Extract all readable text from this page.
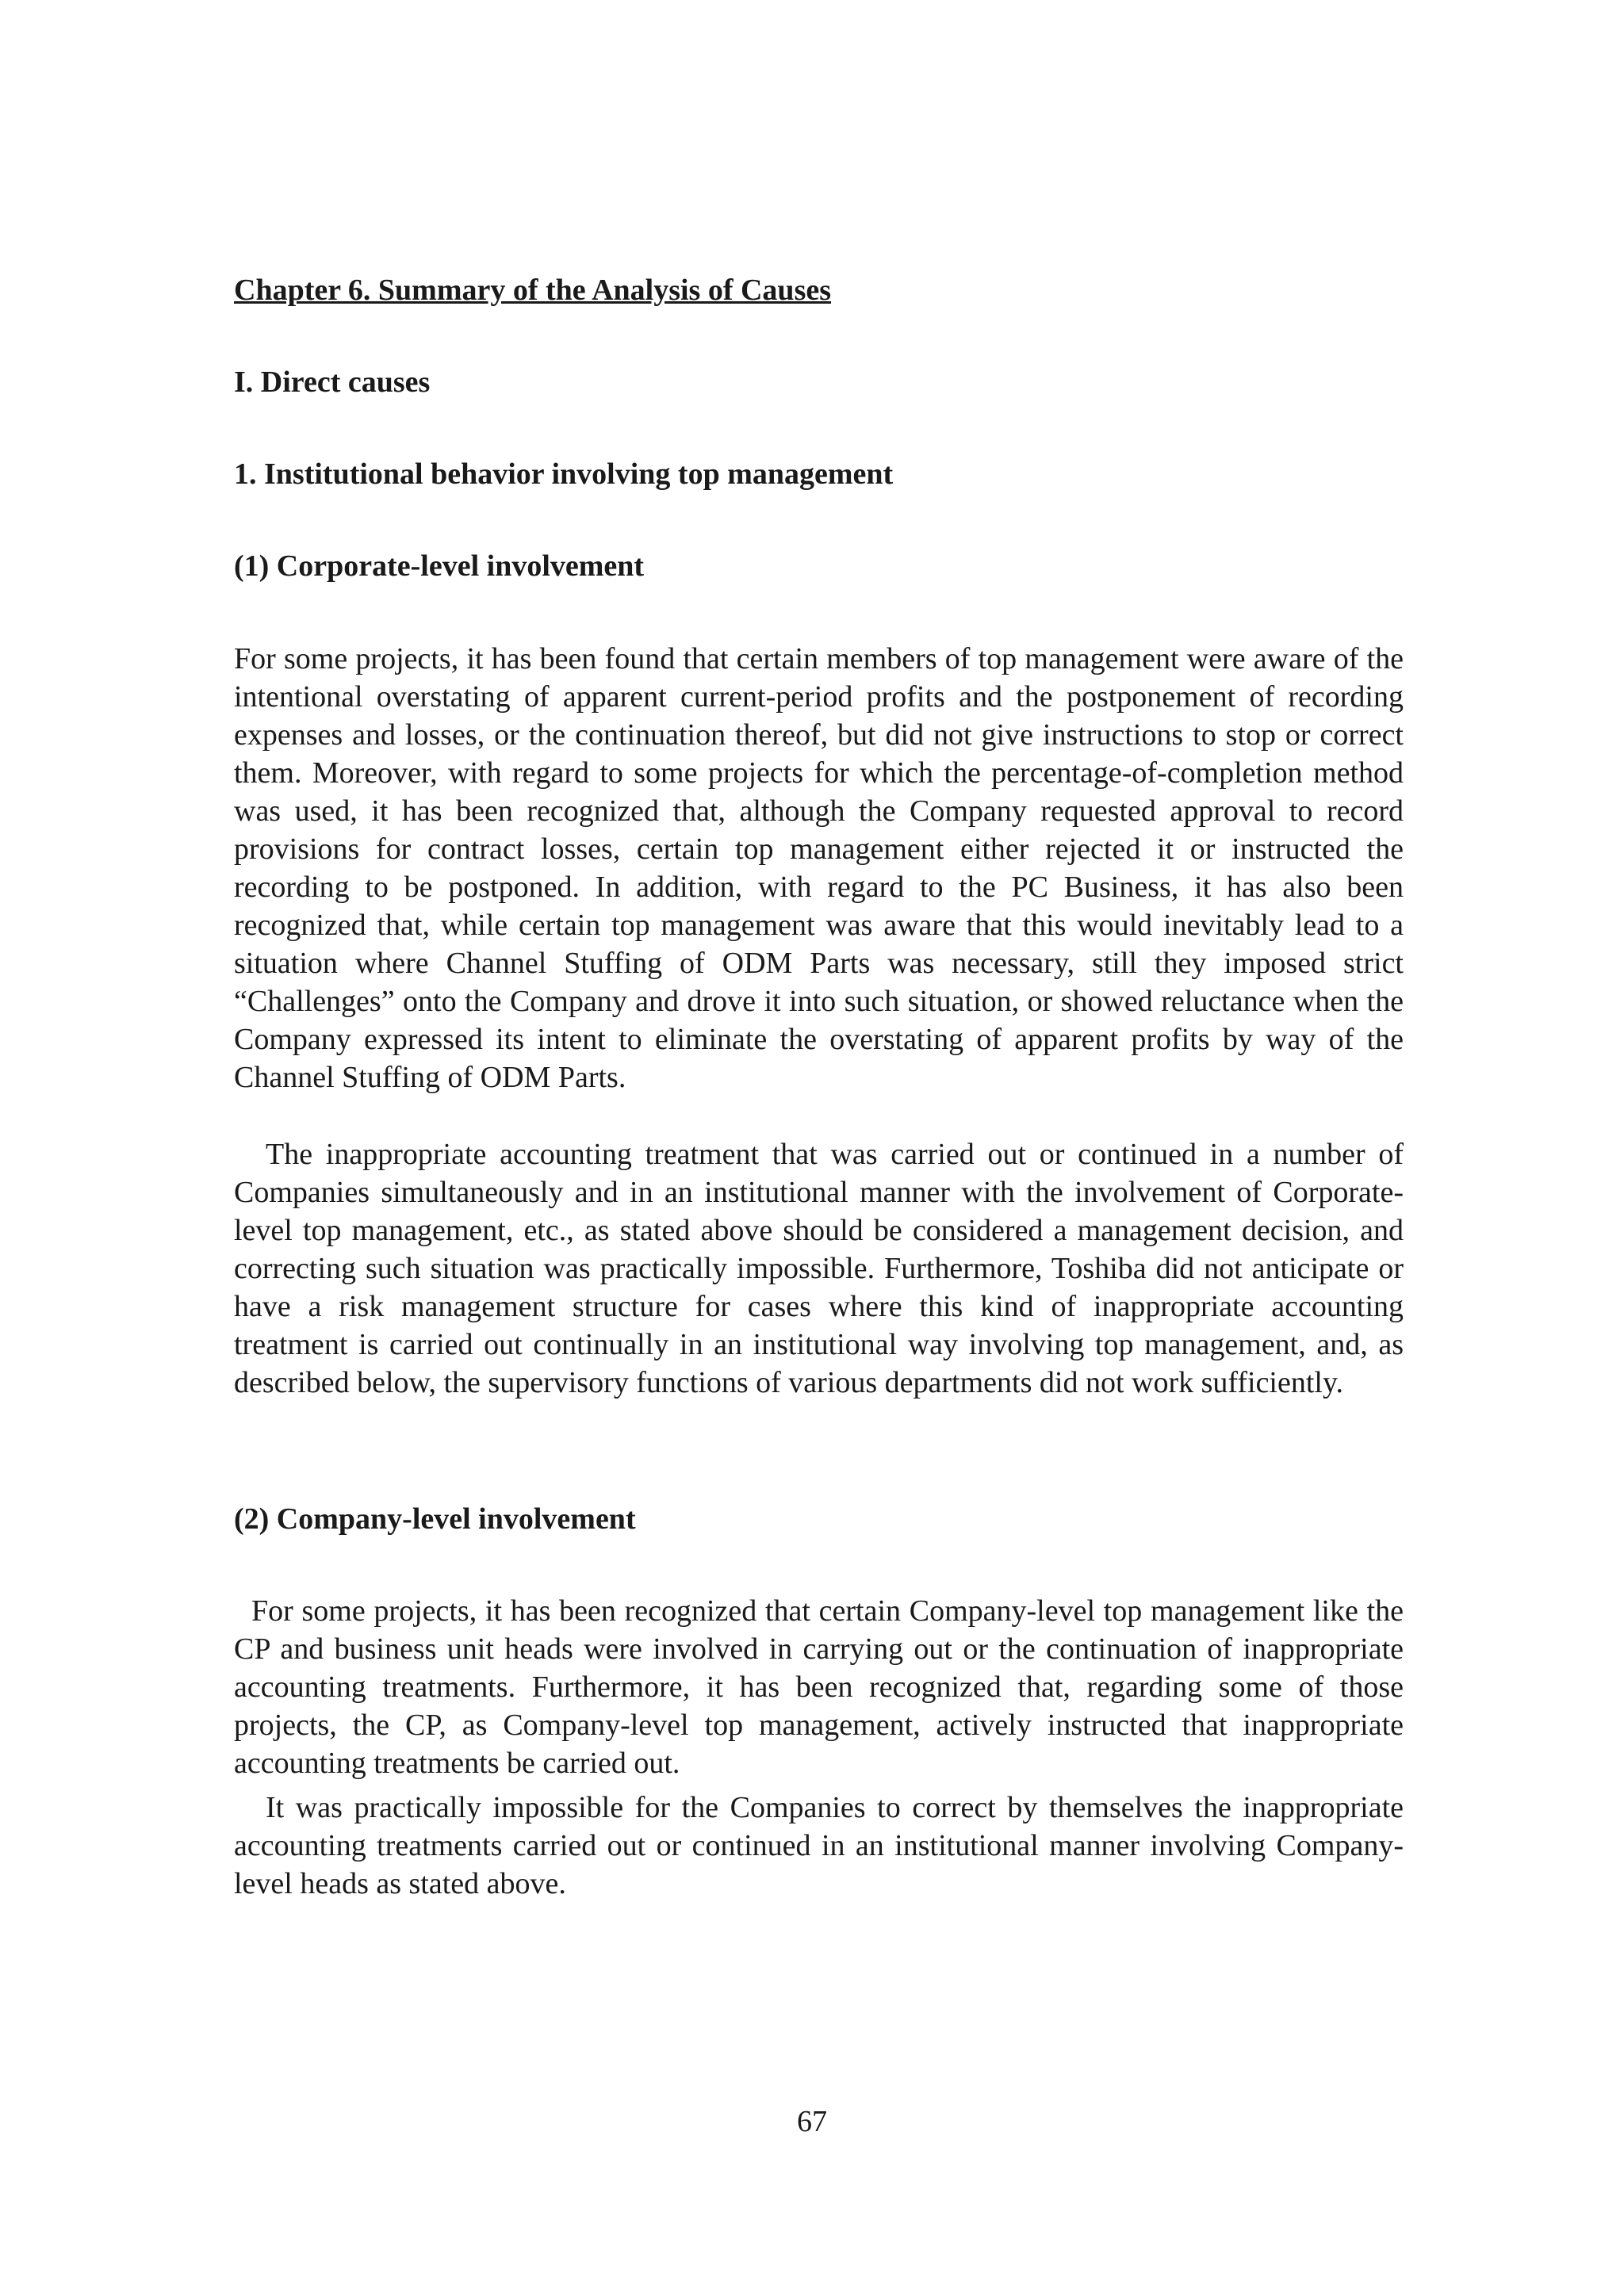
Chapter 6. Summary of the Analysis of Causes
I. Direct causes
1. Institutional behavior involving top management
(1) Corporate-level involvement

For some projects, it has been found that certain members of top management were aware of the intentional overstating of apparent current-period profits and the postponement of recording expenses and losses, or the continuation thereof, but did not give instructions to stop or correct them. Moreover, with regard to some projects for which the percentage-of-completion method was used, it has been recognized that, although the Company requested approval to record provisions for contract losses, certain top management either rejected it or instructed the recording to be postponed. In addition, with regard to the PC Business, it has also been recognized that, while certain top management was aware that this would inevitably lead to a situation where Channel Stuffing of ODM Parts was necessary, still they imposed strict “Challenges” onto the Company and drove it into such situation, or showed reluctance when the Company expressed its intent to eliminate the overstating of apparent profits by way of the Channel Stuffing of ODM Parts.

The inappropriate accounting treatment that was carried out or continued in a number of Companies simultaneously and in an institutional manner with the involvement of Corporate-level top management, etc., as stated above should be considered a management decision, and correcting such situation was practically impossible. Furthermore, Toshiba did not anticipate or have a risk management structure for cases where this kind of inappropriate accounting treatment is carried out continually in an institutional way involving top management, and, as described below, the supervisory functions of various departments did not work sufficiently.

(2) Company-level involvement

For some projects, it has been recognized that certain Company-level top management like the CP and business unit heads were involved in carrying out or the continuation of inappropriate accounting treatments. Furthermore, it has been recognized that, regarding some of those projects, the CP, as Company-level top management, actively instructed that inappropriate accounting treatments be carried out.

It was practically impossible for the Companies to correct by themselves the inappropriate accounting treatments carried out or continued in an institutional manner involving Company-level heads as stated above.

67
